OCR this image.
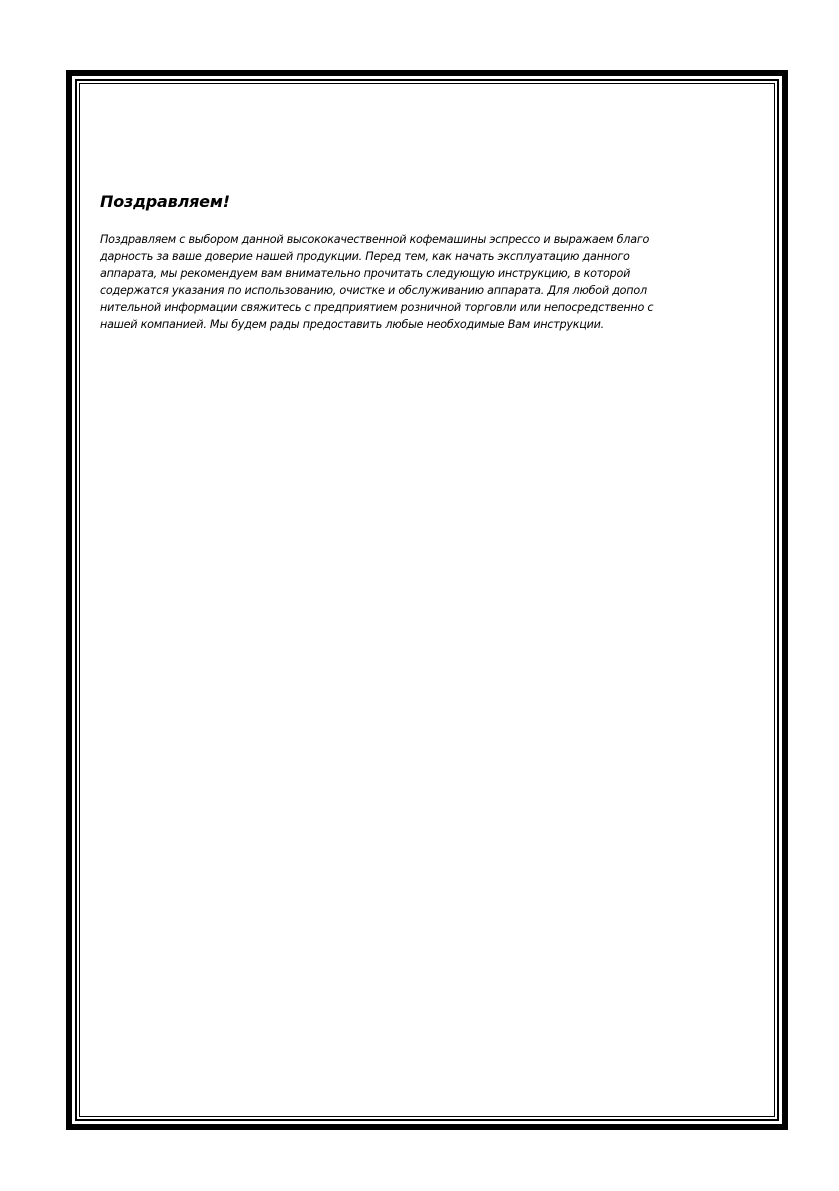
Поздравляем!

Поздравляем с выбором данной высококачественной кофемашины эспрессо и выражаем благо
дарность за ваше доверие нашей продукции. Перед тем, как начать эксплуатацию данного
аппарата, мы рекомендуем вам внимательно прочитать следующую инструкцию, в которой
содержатся указания по использованию, очистке и обслуживанию аппарата. Для любой допол
нительной информации свяжитесь с предприятием розничной торговли или непосредственно с
нашей компанией. Мы будем рады предоставить любые необходимые Вам инструкции.
